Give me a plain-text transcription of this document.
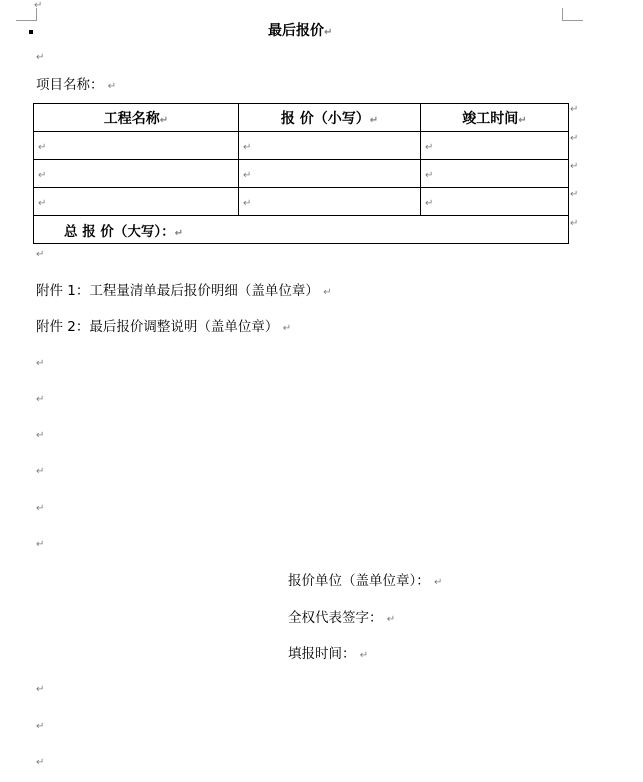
↵
最后报价↵
↵
项目名称： ↵
工程名称↵	报 价（小写）↵	竣工时间↵
↵	↵	↵
↵	↵	↵
↵	↵	↵
总 报 价（大写）：↵		
↵
↵
↵
↵
↵
↵
附件 1：工程量清单最后报价明细（盖单位章） ↵
附件 2：最后报价调整说明（盖单位章） ↵
↵
↵
↵
↵
↵
↵
报价单位（盖单位章）： ↵
全权代表签字： ↵
填报时间： ↵
↵
↵
↵
